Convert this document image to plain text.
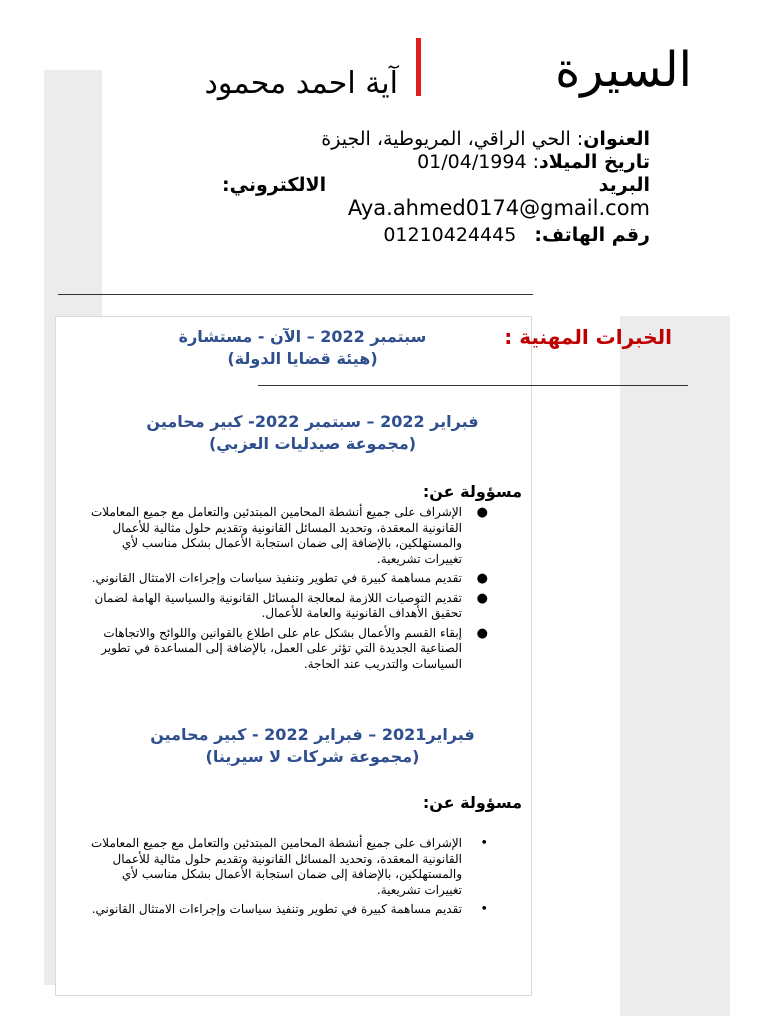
السيرة
آية احمد محمود
العنوان: الحي الراقي، المريوطية، الجيزة
تاريخ الميلاد: 01/04/1994
البريد
الالكتروني:
Aya.ahmed0174@gmail.com
رقم الهاتف:   01210424445
الخبرات المهنية :
سبتمبر 2022 – الآن - مستشارة
(هيئة قضايا الدولة)
فبراير 2022 – سبتمبر 2022- كبير محامين
(مجموعة صيدليات العزبي)
مسؤولة عن:
●
الإشراف على جميع أنشطة المحامين المبتدئين والتعامل مع جميع المعاملات القانونية المعقدة، وتحديد المسائل القانونية وتقديم حلول مثالية للأعمال والمستهلكين، بالإضافة إلى ضمان استجابة الأعمال بشكل مناسب لأي تغييرات تشريعية.
●
تقديم مساهمة كبيرة في تطوير وتنفيذ سياسات وإجراءات الامتثال القانوني.
●
تقديم التوصيات اللازمة لمعالجة المسائل القانونية والسياسية الهامة لضمان تحقيق الأهداف القانونية والعامة للأعمال.
●
إبقاء القسم والأعمال بشكل عام على اطلاع بالقوانين واللوائح والاتجاهات الصناعية الجديدة التي تؤثر على العمل، بالإضافة إلى المساعدة في تطوير السياسات والتدريب عند الحاجة.
فبراير2021 – فبراير 2022 - كبير محامين
(مجموعة شركات لا سيرينا)
مسؤولة عن:
•
الإشراف على جميع أنشطة المحامين المبتدئين والتعامل مع جميع المعاملات القانونية المعقدة، وتحديد المسائل القانونية وتقديم حلول مثالية للأعمال والمستهلكين، بالإضافة إلى ضمان استجابة الأعمال بشكل مناسب لأي تغييرات تشريعية.
•
تقديم مساهمة كبيرة في تطوير وتنفيذ سياسات وإجراءات الامتثال القانوني.
